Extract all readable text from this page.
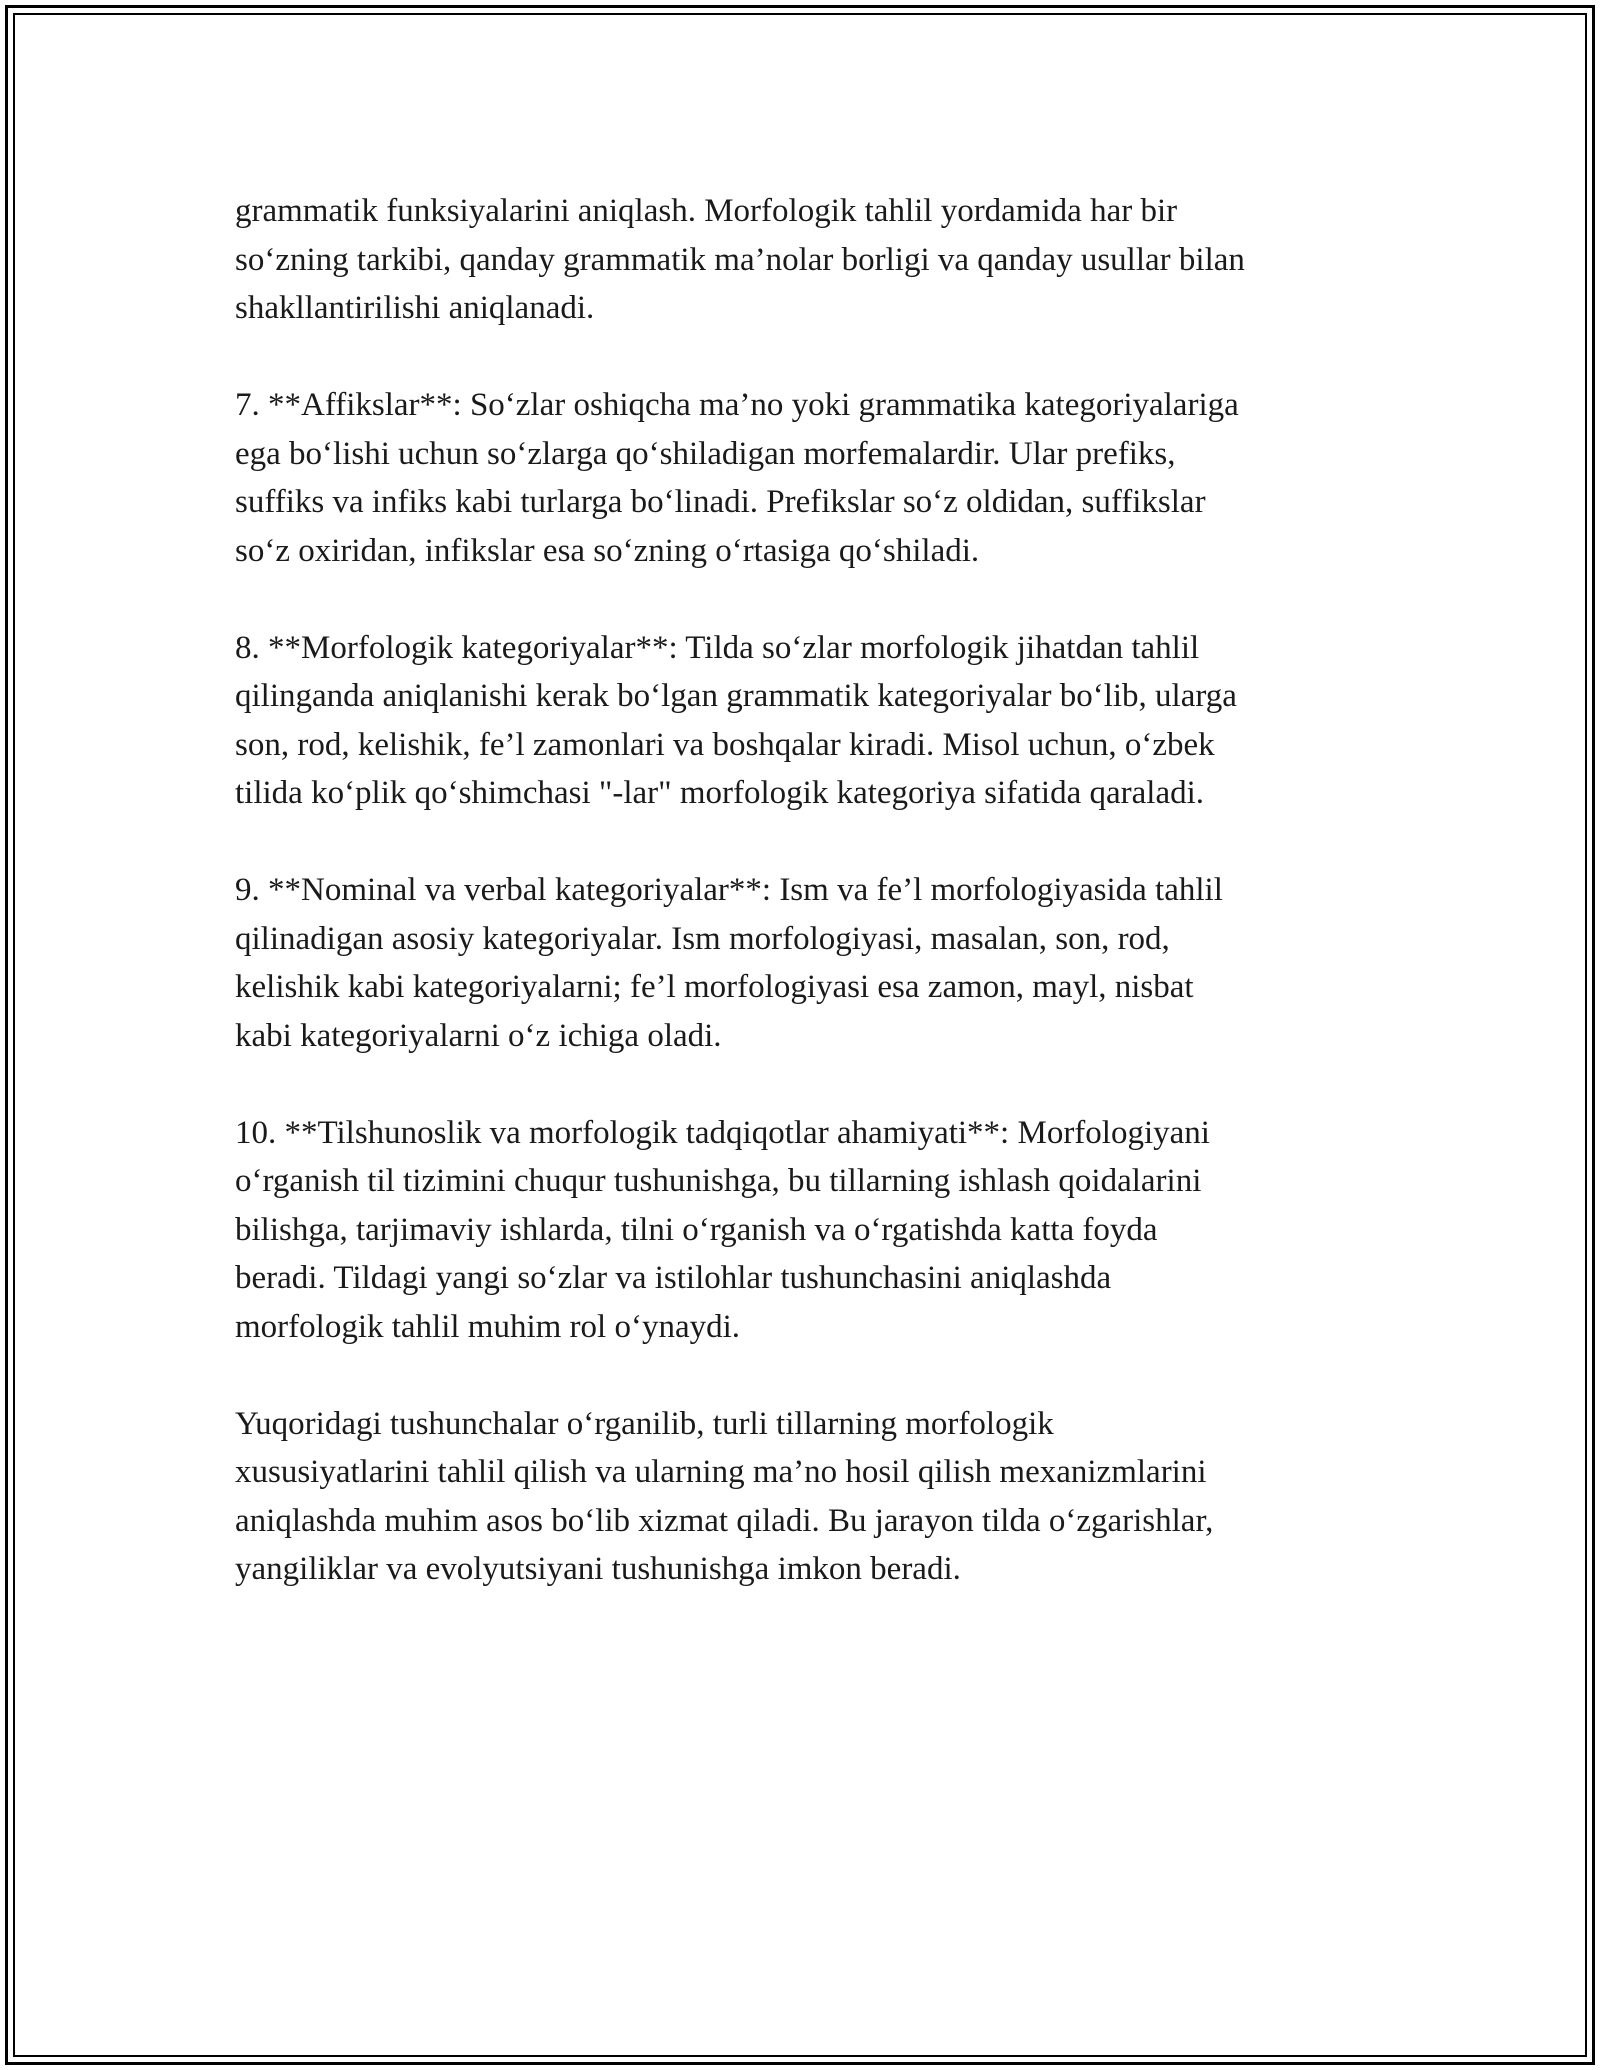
grammatik funksiyalarini aniqlash. Morfologik tahlil yordamida har bir
so‘zning tarkibi, qanday grammatik ma’nolar borligi va qanday usullar bilan
shakllantirilishi aniqlanadi.

7. **Affikslar**: So‘zlar oshiqcha ma’no yoki grammatika kategoriyalariga
ega bo‘lishi uchun so‘zlarga qo‘shiladigan morfemalardir. Ular prefiks,
suffiks va infiks kabi turlarga bo‘linadi. Prefikslar so‘z oldidan, suffikslar
so‘z oxiridan, infikslar esa so‘zning o‘rtasiga qo‘shiladi.

8. **Morfologik kategoriyalar**: Tilda so‘zlar morfologik jihatdan tahlil
qilinganda aniqlanishi kerak bo‘lgan grammatik kategoriyalar bo‘lib, ularga
son, rod, kelishik, fe’l zamonlari va boshqalar kiradi. Misol uchun, o‘zbek
tilida ko‘plik qo‘shimchasi "-lar" morfologik kategoriya sifatida qaraladi.

9. **Nominal va verbal kategoriyalar**: Ism va fe’l morfologiyasida tahlil
qilinadigan asosiy kategoriyalar. Ism morfologiyasi, masalan, son, rod,
kelishik kabi kategoriyalarni; fe’l morfologiyasi esa zamon, mayl, nisbat
kabi kategoriyalarni o‘z ichiga oladi.

10. **Tilshunoslik va morfologik tadqiqotlar ahamiyati**: Morfologiyani
o‘rganish til tizimini chuqur tushunishga, bu tillarning ishlash qoidalarini
bilishga, tarjimaviy ishlarda, tilni o‘rganish va o‘rgatishda katta foyda
beradi. Tildagi yangi so‘zlar va istilohlar tushunchasini aniqlashda
morfologik tahlil muhim rol o‘ynaydi.

Yuqoridagi tushunchalar o‘rganilib, turli tillarning morfologik
xususiyatlarini tahlil qilish va ularning ma’no hosil qilish mexanizmlarini
aniqlashda muhim asos bo‘lib xizmat qiladi. Bu jarayon tilda o‘zgarishlar,
yangiliklar va evolyutsiyani tushunishga imkon beradi.
